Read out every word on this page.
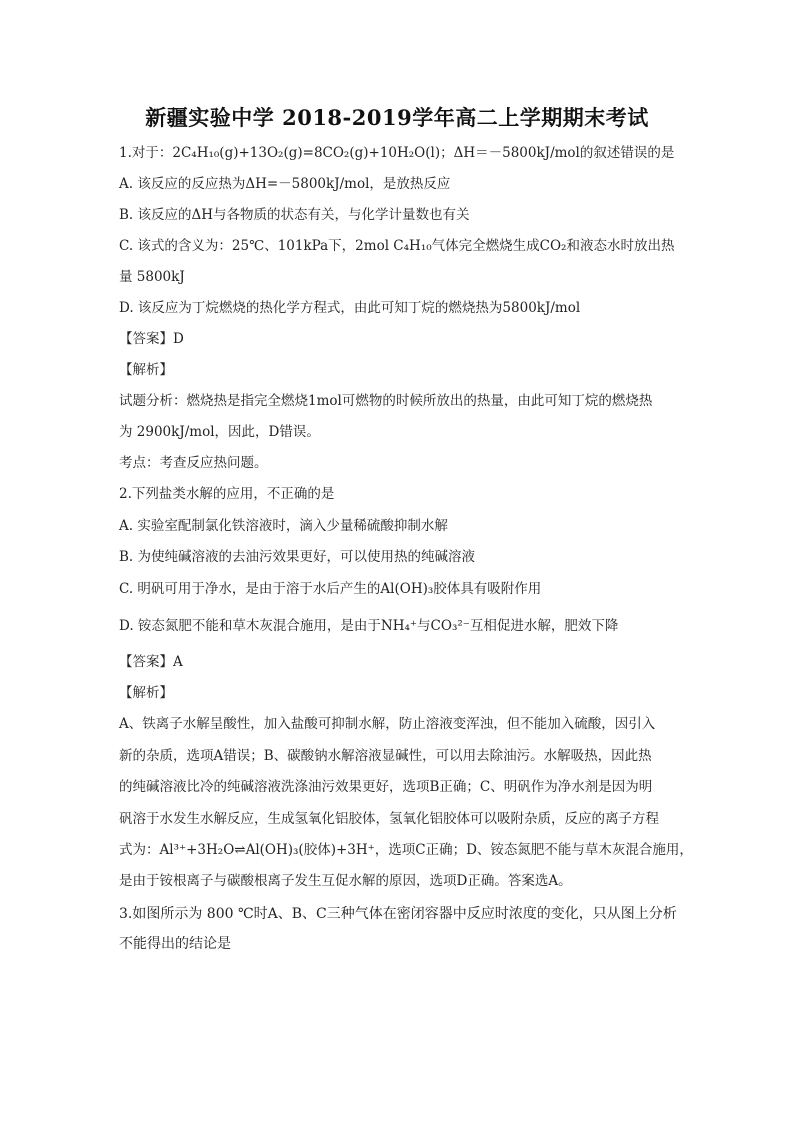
新疆实验中学 2018-2019学年高二上学期期末考试
1.对于：2C₄H₁₀(g)+13O₂(g)=8CO₂(g)+10H₂O(l)；ΔH＝－5800kJ/mol的叙述错误的是
A. 该反应的反应热为ΔH=－5800kJ/mol，是放热反应
B. 该反应的ΔH与各物质的状态有关，与化学计量数也有关
C. 该式的含义为：25℃、101kPa下，2mol C₄H₁₀气体完全燃烧生成CO₂和液态水时放出热
量 5800kJ
D. 该反应为丁烷燃烧的热化学方程式，由此可知丁烷的燃烧热为5800kJ/mol
【答案】D
【解析】
试题分析：燃烧热是指完全燃烧1mol可燃物的时候所放出的热量，由此可知丁烷的燃烧热
为 2900kJ/mol，因此，D错误。
考点：考查反应热问题。
2.下列盐类水解的应用，不正确的是
A. 实验室配制氯化铁溶液时，滴入少量稀硫酸抑制水解
B. 为使纯碱溶液的去油污效果更好，可以使用热的纯碱溶液
C. 明矾可用于净水，是由于溶于水后产生的Al(OH)₃胶体具有吸附作用
D. 铵态氮肥不能和草木灰混合施用，是由于NH₄⁺与CO₃²⁻互相促进水解，肥效下降
【答案】A
【解析】
A、铁离子水解呈酸性，加入盐酸可抑制水解，防止溶液变浑浊，但不能加入硫酸，因引入
新的杂质，选项A错误；B、碳酸钠水解溶液显碱性，可以用去除油污。水解吸热，因此热
的纯碱溶液比冷的纯碱溶液洗涤油污效果更好，选项B正确；C、明矾作为净水剂是因为明
矾溶于水发生水解反应，生成氢氧化铝胶体，氢氧化铝胶体可以吸附杂质，反应的离子方程
式为：Al³⁺+3H₂O⇌Al(OH)₃(胶体)+3H⁺，选项C正确；D、铵态氮肥不能与草木灰混合施用，
是由于铵根离子与碳酸根离子发生互促水解的原因，选项D正确。答案选A。
3.如图所示为 800 ℃时A、B、C三种气体在密闭容器中反应时浓度的变化，只从图上分析
不能得出的结论是
